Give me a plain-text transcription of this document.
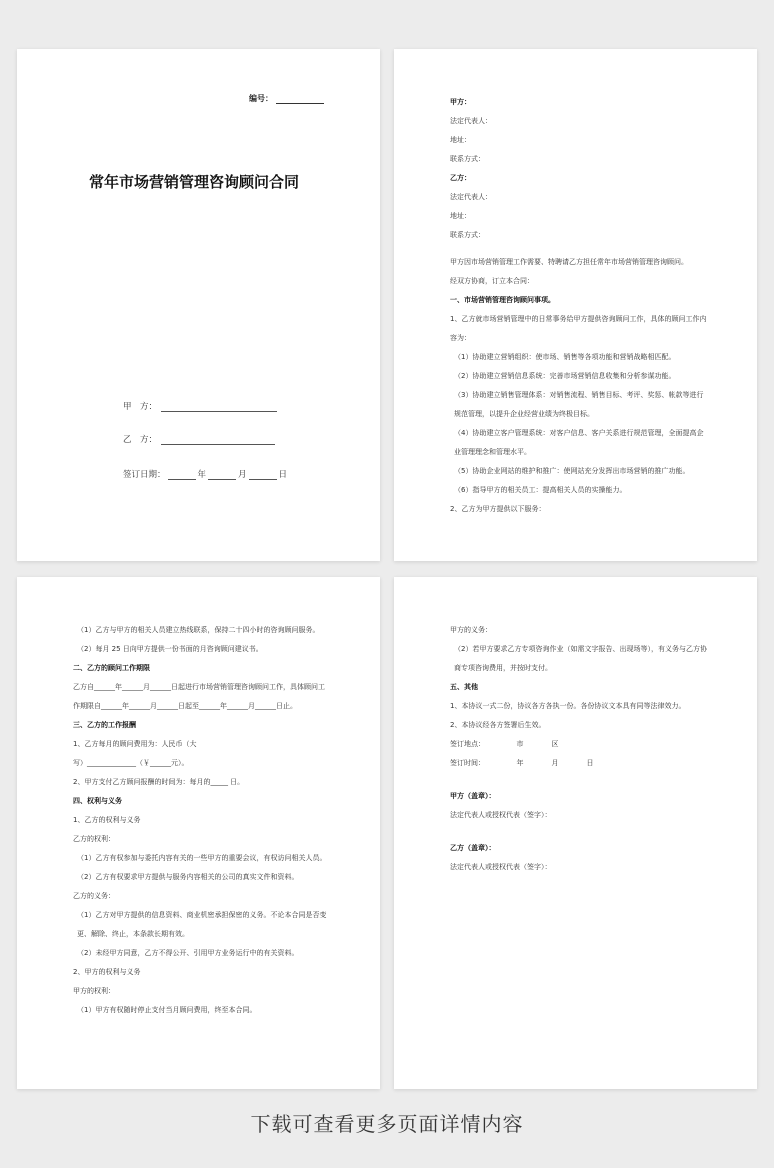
编号：
常年市场营销管理咨询顾问合同
甲　方：
乙　方：
签订日期：	年	月	日
甲方：
法定代表人：
地址：
联系方式：
乙方：
法定代表人：
地址：
联系方式：
甲方因市场营销管理工作需要、特聘请乙方担任常年市场营销管理咨询顾问。
经双方协商，订立本合同：
一、市场营销管理咨询顾问事项。
1、乙方就市场营销管理中的日常事务给甲方提供咨询顾问工作，具体的顾问工作内容为：
（1）协助建立营销组织：使市场、销售等各项功能和营销战略相匹配。
（2）协助建立营销信息系统：完善市场营销信息收集和分析参谋功能。
（3）协助建立销售管理体系：对销售流程、销售目标、考评、奖惩、帐款等进行规范管理，以提升企业经营业绩为终极目标。
（4）协助建立客户管理系统：对客户信息、客户关系进行规范管理，全面提高企业管理理念和管理水平。
（5）协助企业网站的维护和推广：使网站充分发挥出市场营销的推广功能。
（6）指导甲方的相关员工：提高相关人员的实操能力。
2、乙方为甲方提供以下服务：
（1）乙方与甲方的相关人员建立热线联系，保持二十四小时的咨询顾问服务。
（2）每月 25 日向甲方提供一份书面的月咨询顾问建议书。
二、乙方的顾问工作期限
乙方自______年______月______日起进行市场营销管理咨询顾问工作，具体顾问工作期限自______年______月______日起至______年______月______日止。
三、乙方的工作报酬
1、乙方每月的顾问费用为：人民币（大
写）______________（￥______元）。
2、甲方支付乙方顾问报酬的时间为：每月的_____ 日。
四、权利与义务
1、乙方的权利与义务
乙方的权利：
（1）乙方有权参加与委托内容有关的一些甲方的重要会议，有权访问相关人员。
（2）乙方有权要求甲方提供与服务内容相关的公司的真实文件和资料。
乙方的义务：
（1）乙方对甲方提供的信息资料、商业机密承担保密的义务。不论本合同是否变更、解除、终止，本条款长期有效。
（2）未经甲方同意，乙方不得公开、引用甲方业务运行中的有关资料。
2、甲方的权利与义务
甲方的权利：
（1）甲方有权随时停止支付当月顾问费用，终至本合同。
甲方的义务：
（2）若甲方要求乙方专项咨询作业（如需文字报告、出现场等），有义务与乙方协商专项咨询费用，并按时支付。
五、其他
1、本协议一式二份，协议各方各执一份。各份协议文本具有同等法律效力。
2、本协议经各方签署后生效。
签订地点：　　　　　市　　　　区
签订时间：　　　　　年　　　　月　　　　日
甲方（盖章）：
法定代表人或授权代表（签字）：
乙方（盖章）：
法定代表人或授权代表（签字）：
下载可查看更多页面详情内容
